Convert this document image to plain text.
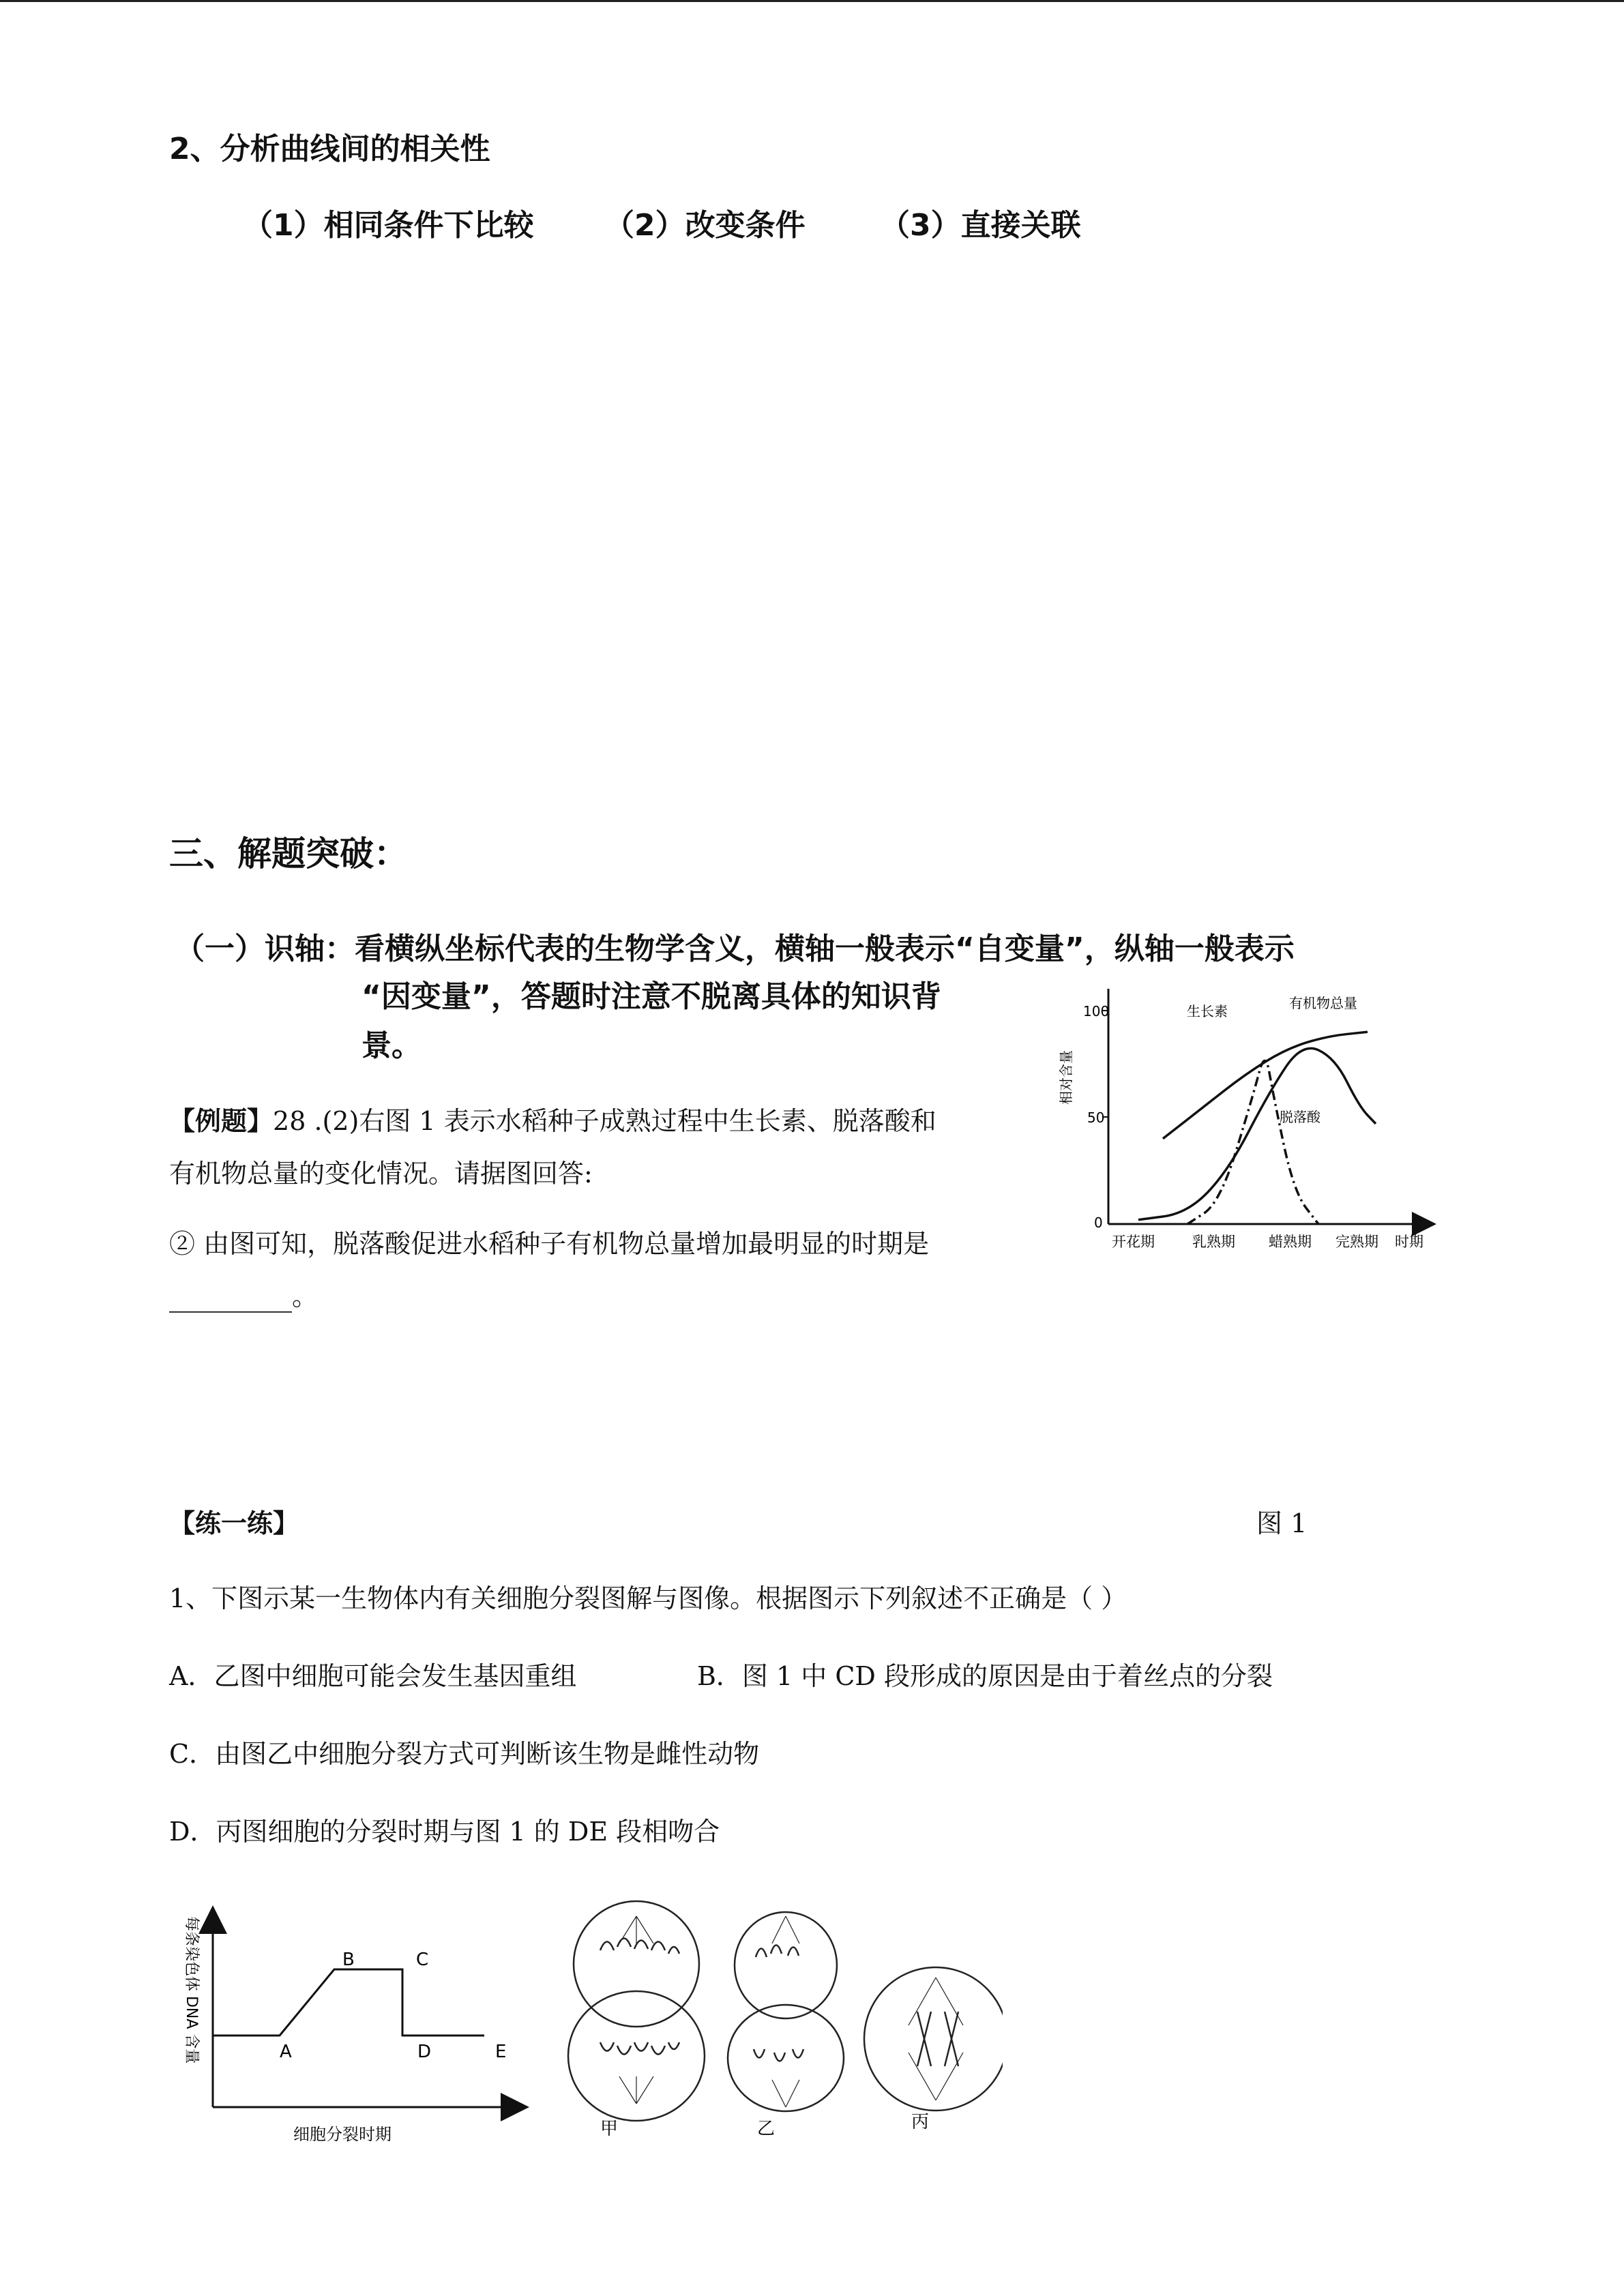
2、分析曲线间的相关性
（1）相同条件下比较 （2）改变条件 （3）直接关联
三、解题突破：
（一）识轴：看横纵坐标代表的生物学含义，横轴一般表示“自变量”，纵轴一般表示
“因变量”，答题时注意不脱离具体的知识背
景。
【例题】28 .(2)右图 1 表示水稻种子成熟过程中生长素、脱落酸和
有机物总量的变化情况。请据图回答:
② 由图可知，脱落酸促进水稻种子有机物总量增加最明显的时期是
。
100
50
0
相对含量
开花期	乳熟期 蜡熟期 完熟期 时期
生长素	有机物总量
脱落酸
【练一练】	图 1
1、下图示某一生物体内有关细胞分裂图解与图像。根据图示下列叙述不正确是（ ）
A．乙图中细胞可能会发生基因重组	B．图 1 中 CD 段形成的原因是由于着丝点的分裂
C．由图乙中细胞分裂方式可判断该生物是雌性动物
D．丙图细胞的分裂时期与图 1 的 DE 段相吻合
每条染色体 DNA 含量
细胞分裂时期
A
B	C
D	E
甲	乙	丙
